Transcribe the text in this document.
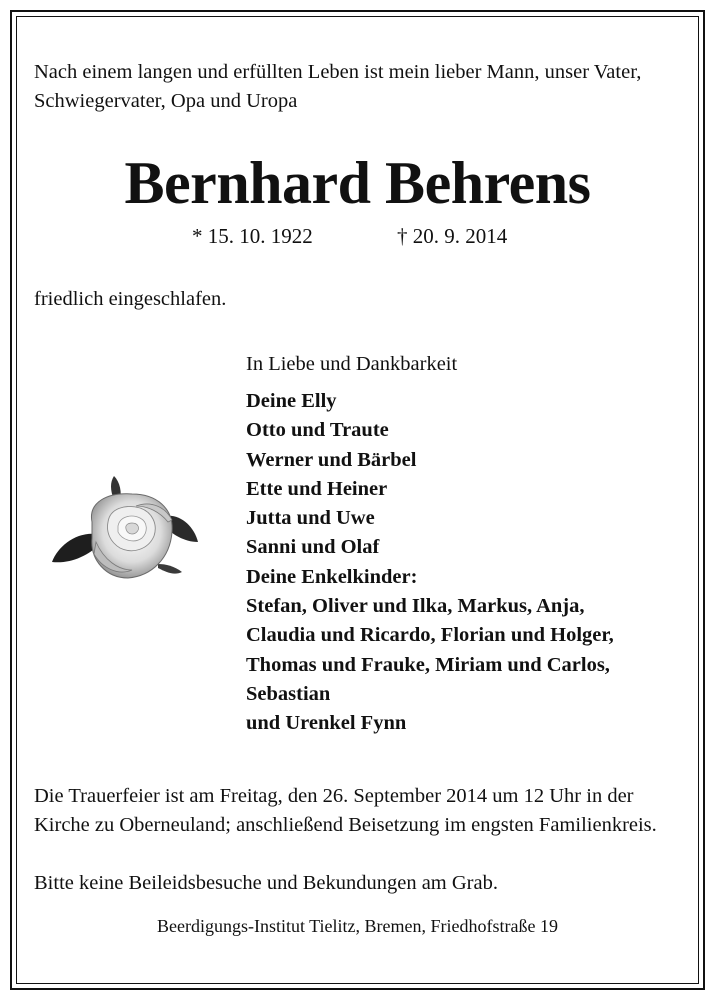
Nach einem langen und erfüllten Leben ist mein lieber Mann, unser Vater, Schwiegervater, Opa und Uropa

Bernhard Behrens

* 15. 10. 1922	† 20. 9. 2014

friedlich eingeschlafen.

In Liebe und Dankbarkeit

Deine Elly
Otto und Traute
Werner und Bärbel
Ette und Heiner
Jutta und Uwe
Sanni und Olaf
Deine Enkelkinder:
Stefan, Oliver und Ilka, Markus, Anja,
Claudia und Ricardo, Florian und Holger,
Thomas und Frauke, Miriam und Carlos,
Sebastian
und Urenkel Fynn

Die Trauerfeier ist am Freitag, den 26. September 2014 um 12 Uhr in der Kirche zu Oberneuland; anschließend Beisetzung im engsten Familienkreis.

Bitte keine Beileidsbesuche und Bekundungen am Grab.

Beerdigungs-Institut Tielitz, Bremen, Friedhofstraße 19
